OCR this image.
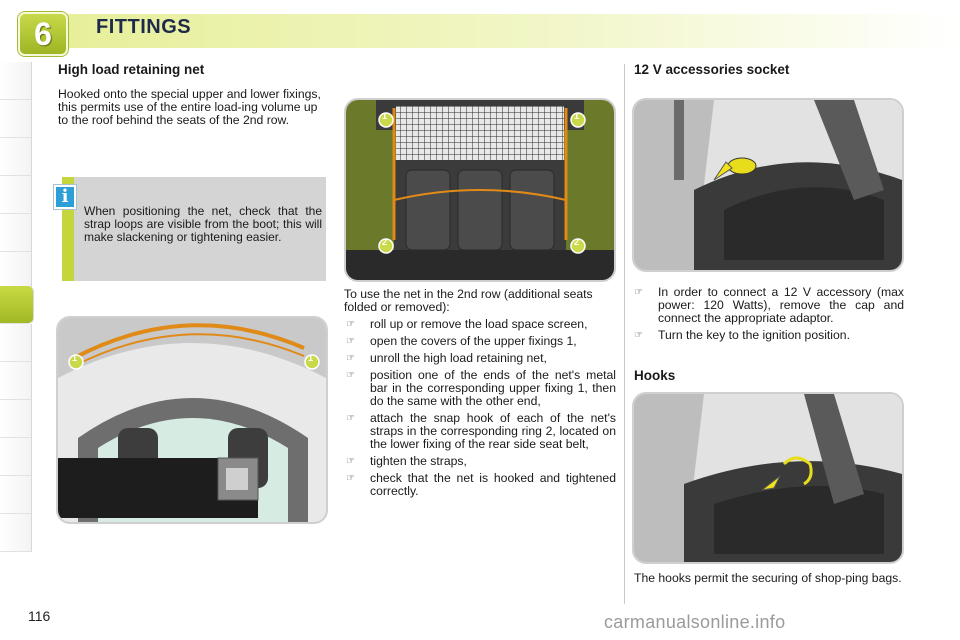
6	FITTINGS
High load retaining net
Hooked onto the special upper and lower fixings, this permits use of the entire load-ing volume up to the roof behind the seats of the 2nd row.
i
When positioning the net, check that the strap loops are visible from the boot; this will make slackening or tightening easier.
1	1
1	1
2	2
To use the net in the 2nd row (additional seats folded or removed):
☞ roll up or remove the load space screen,
☞ open the covers of the upper fixings 1,
☞ unroll the high load retaining net,
☞ position one of the ends of the net's metal bar in the corresponding upper fixing 1, then do the same with the other end,
☞ attach the snap hook of each of the net's straps in the corresponding ring 2, located on the lower fixing of the rear side seat belt,
☞ tighten the straps,
☞ check that the net is hooked and tightened correctly.
12 V accessories socket
☞ In order to connect a 12 V accessory (max power: 120 Watts), remove the cap and connect the appropriate adaptor.
☞ Turn the key to the ignition position.
Hooks
The hooks permit the securing of shop-ping bags.
116	carmanualsonline.info
